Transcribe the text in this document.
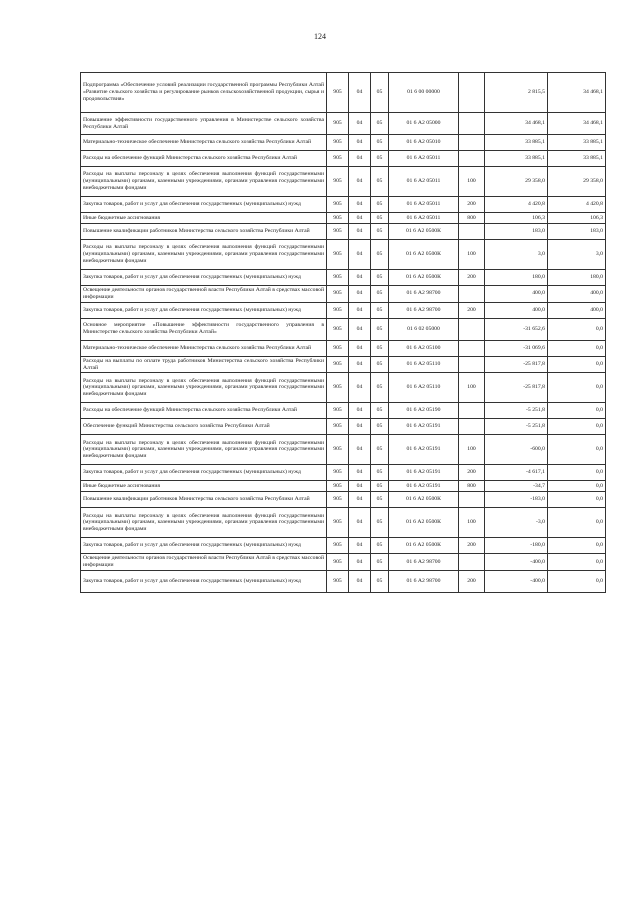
124
Подпрограмма «Обеспечение условий реализации государственной программы Республики Алтай «Развитие сельского хозяйства и регулирование рынков сельскохозяйственной продукции, сырья и продовольствия»	905	04	05	01 6 00 00000		2 815,5	34 468,1
Повышение эффективности государственного управления в Министерстве сельского хозяйства Республики Алтай	905	04	05	01 6 А2 05000		34 468,1	34 468,1
Материально-техническое обеспечение Министерства сельского хозяйства Республики Алтай	905	04	05	01 6 А2 05010		33 885,1	33 885,1
Расходы на обеспечение функций Министерства сельского хозяйства Республики Алтай	905	04	05	01 6 А2 05011		33 885,1	33 885,1
Расходы на выплаты персоналу в целях обеспечения выполнения функций государственными (муниципальными) органами, казенными учреждениями, органами управления государственными внебюджетными фондами	905	04	05	01 6 А2 05011	100	29 358,0	29 358,0
Закупка товаров, работ и услуг для обеспечения государственных (муниципальных) нужд	905	04	05	01 6 А2 05011	200	4 420,8	4 420,8
Иные бюджетные ассигнования	905	04	05	01 6 А2 05011	800	106,3	106,3
Повышение квалификации работников Министерства сельского хозяйства Республики Алтай	905	04	05	01 6 А2 0500К		183,0	183,0
Расходы на выплаты персоналу в целях обеспечения выполнения функций государственными (муниципальными) органами, казенными учреждениями, органами управления государственными внебюджетными фондами	905	04	05	01 6 А2 0500К	100	3,0	3,0
Закупка товаров, работ и услуг для обеспечения государственных (муниципальных) нужд	905	04	05	01 6 А2 0500К	200	180,0	180,0
Освещение деятельности органов государственной власти Республики Алтай в средствах массовой информации	905	04	05	01 6 А2 98700		400,0	400,0
Закупка товаров, работ и услуг для обеспечения государственных (муниципальных) нужд	905	04	05	01 6 А2 98700	200	400,0	400,0
Основное мероприятие «Повышение эффективности государственного управления в Министерстве сельского хозяйства Республики Алтай»	905	04	05	01 6 02 05000		-31 652,6	0,0
Материально-техническое обеспечение Министерства сельского хозяйства Республики Алтай	905	04	05	01 6 А2 05100		-31 069,6	0,0
Расходы на выплаты по оплате труда работников Министерства сельского хозяйства Республики Алтай	905	04	05	01 6 А2 05110		-25 817,8	0,0
Расходы на выплаты персоналу в целях обеспечения выполнения функций государственными (муниципальными) органами, казенными учреждениями, органами управления государственными внебюджетными фондами	905	04	05	01 6 А2 05110	100	-25 817,8	0,0
Расходы на обеспечение функций Министерства сельского хозяйства Республики Алтай	905	04	05	01 6 А2 05190		-5 251,8	0,0
Обеспечение функций Министерства сельского хозяйства Республики Алтай	905	04	05	01 6 А2 05191		-5 251,8	0,0
Расходы на выплаты персоналу в целях обеспечения выполнения функций государственными (муниципальными) органами, казенными учреждениями, органами управления государственными внебюджетными фондами	905	04	05	01 6 А2 05191	100	-600,0	0,0
Закупка товаров, работ и услуг для обеспечения государственных (муниципальных) нужд	905	04	05	01 6 А2 05191	200	-4 617,1	0,0
Иные бюджетные ассигнования	905	04	05	01 6 А2 05191	800	-34,7	0,0
Повышение квалификации работников Министерства сельского хозяйства Республики Алтай	905	04	05	01 6 А2 0500К		-183,0	0,0
Расходы на выплаты персоналу в целях обеспечения выполнения функций государственными (муниципальными) органами, казенными учреждениями, органами управления государственными внебюджетными фондами	905	04	05	01 6 А2 0500К	100	-3,0	0,0
Закупка товаров, работ и услуг для обеспечения государственных (муниципальных) нужд	905	04	05	01 6 А2 0500К	200	-180,0	0,0
Освещение деятельности органов государственной власти Республики Алтай в средствах массовой информации	905	04	05	01 6 А2 98700		-400,0	0,0
Закупка товаров, работ и услуг для обеспечения государственных (муниципальных) нужд	905	04	05	01 6 А2 98700	200	-400,0	0,0
